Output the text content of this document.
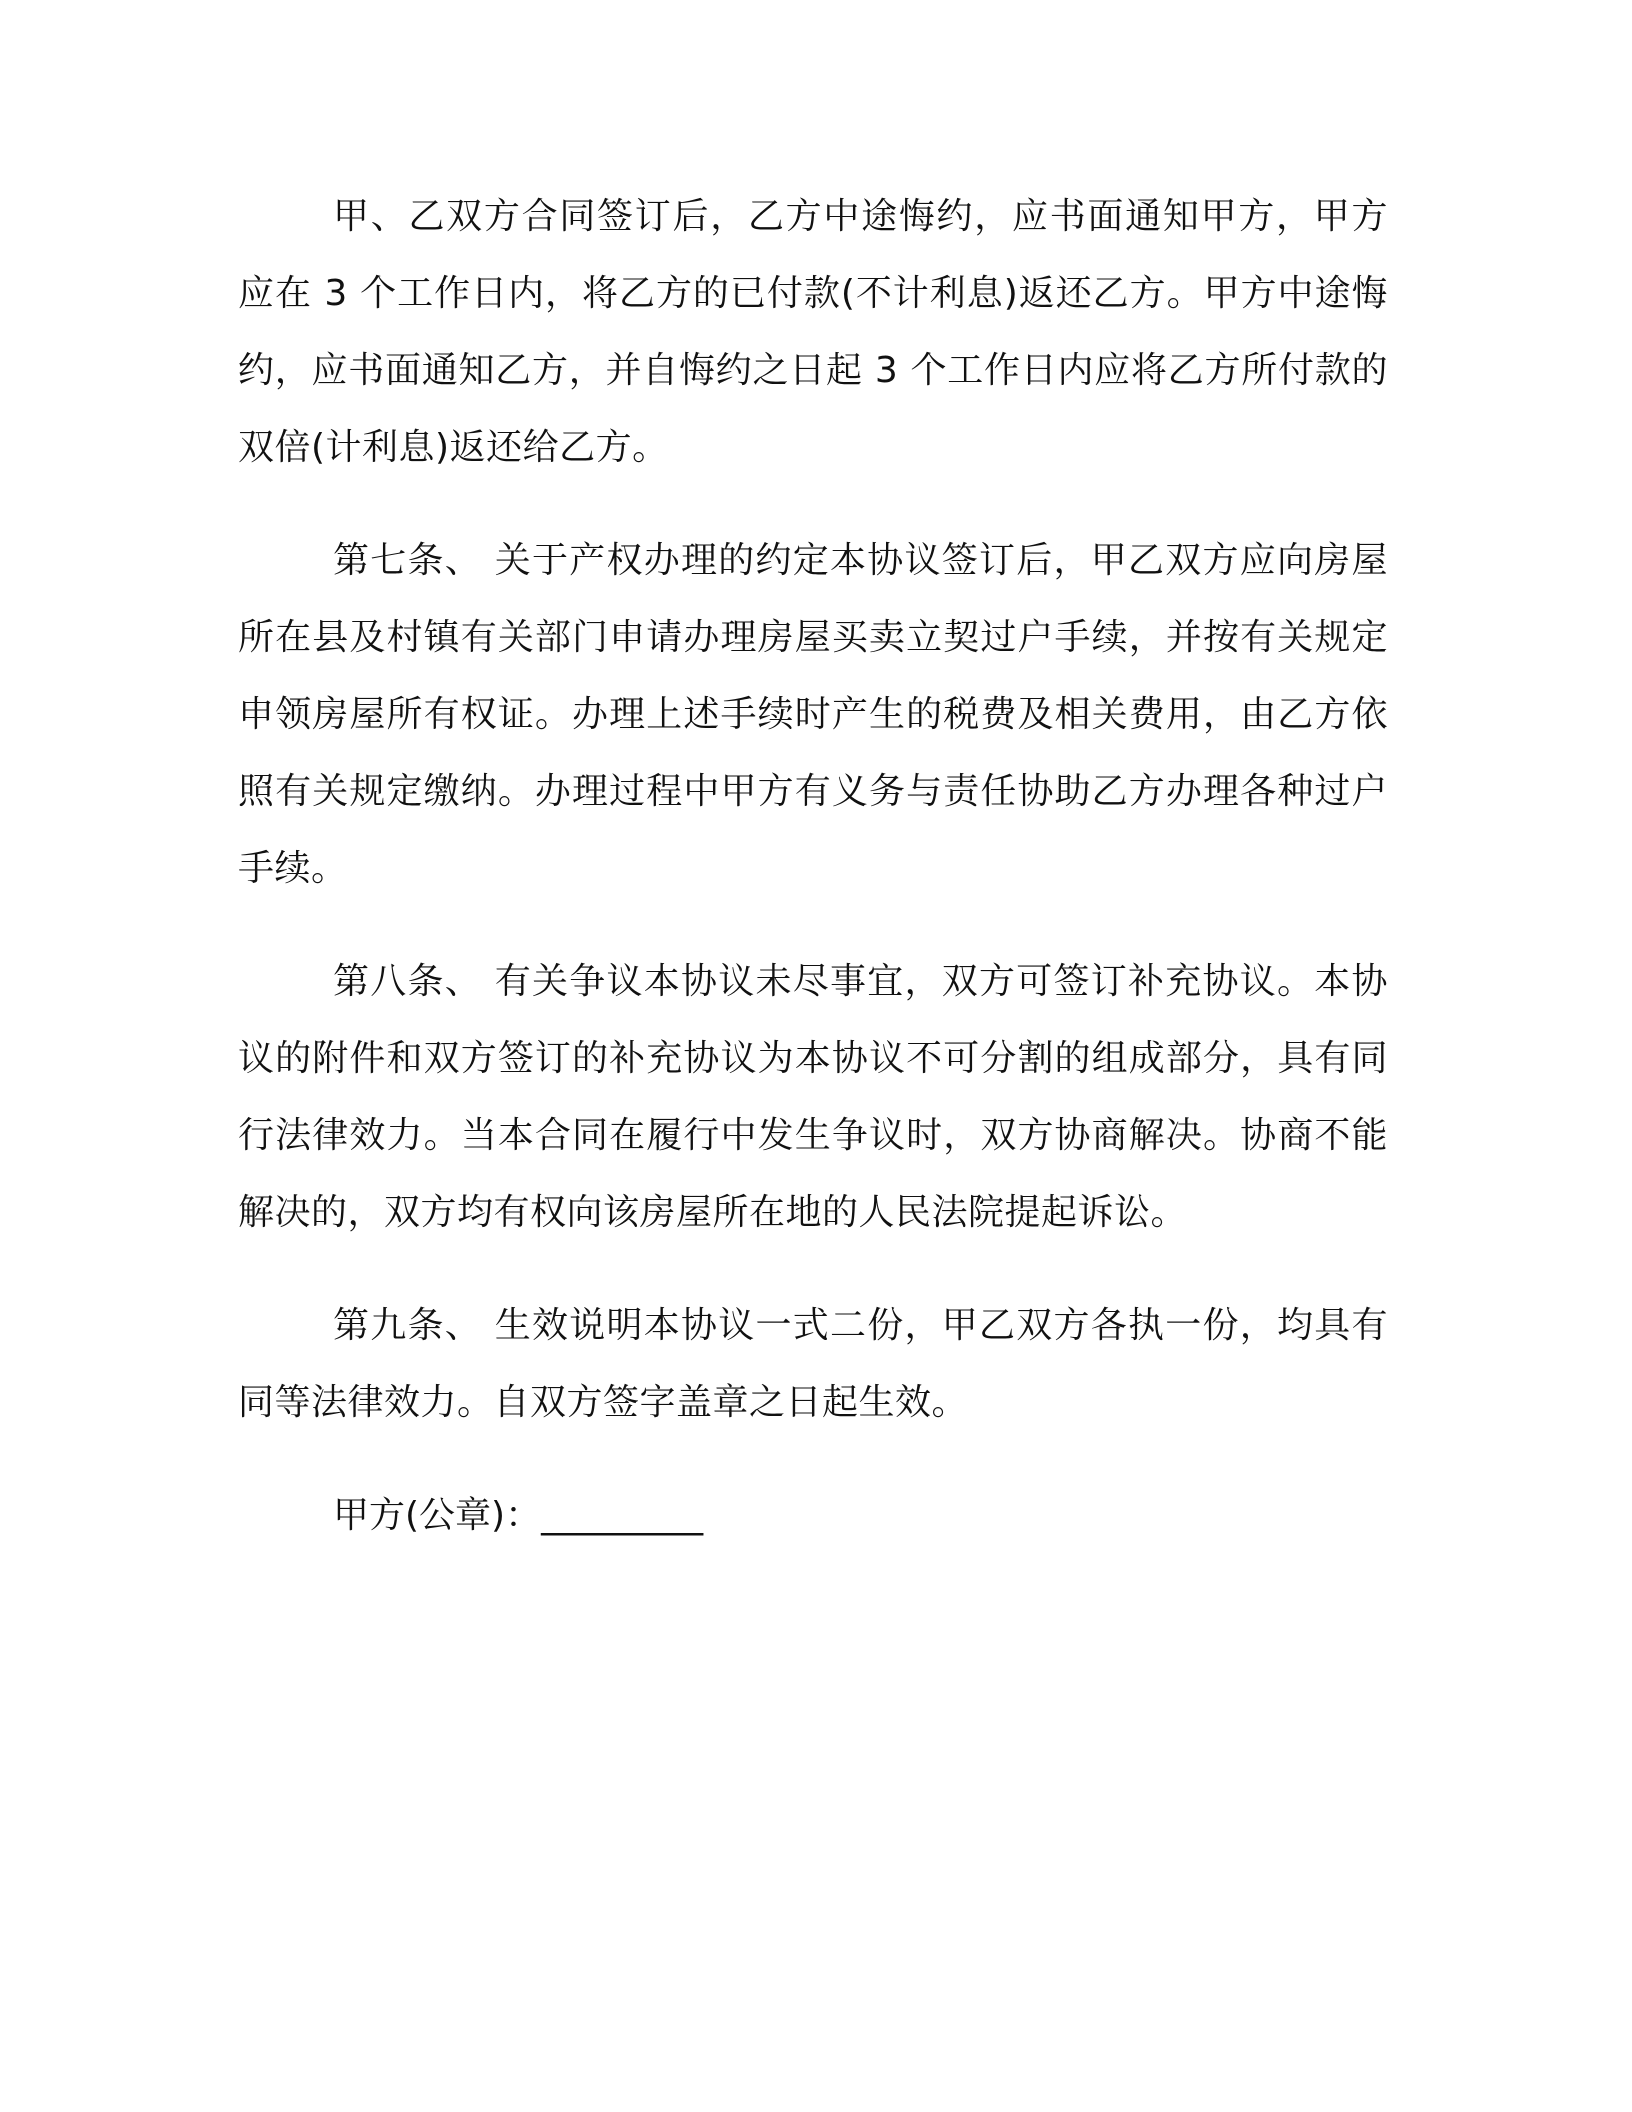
甲、乙双方合同签订后，乙方中途悔约，应书面通知甲方，甲方应在 3 个工作日内，将乙方的已付款(不计利息)返还乙方。甲方中途悔约，应书面通知乙方，并自悔约之日起 3 个工作日内应将乙方所付款的双倍(计利息)返还给乙方。

第七条、 关于产权办理的约定本协议签订后，甲乙双方应向房屋所在县及村镇有关部门申请办理房屋买卖立契过户手续，并按有关规定申领房屋所有权证。办理上述手续时产生的税费及相关费用，由乙方依照有关规定缴纳。办理过程中甲方有义务与责任协助乙方办理各种过户手续。

第八条、 有关争议本协议未尽事宜，双方可签订补充协议。本协议的附件和双方签订的补充协议为本协议不可分割的组成部分，具有同行法律效力。当本合同在履行中发生争议时，双方协商解决。协商不能解决的，双方均有权向该房屋所在地的人民法院提起诉讼。

第九条、 生效说明本协议一式二份，甲乙双方各执一份，均具有同等法律效力。自双方签字盖章之日起生效。

甲方(公章)：_________
